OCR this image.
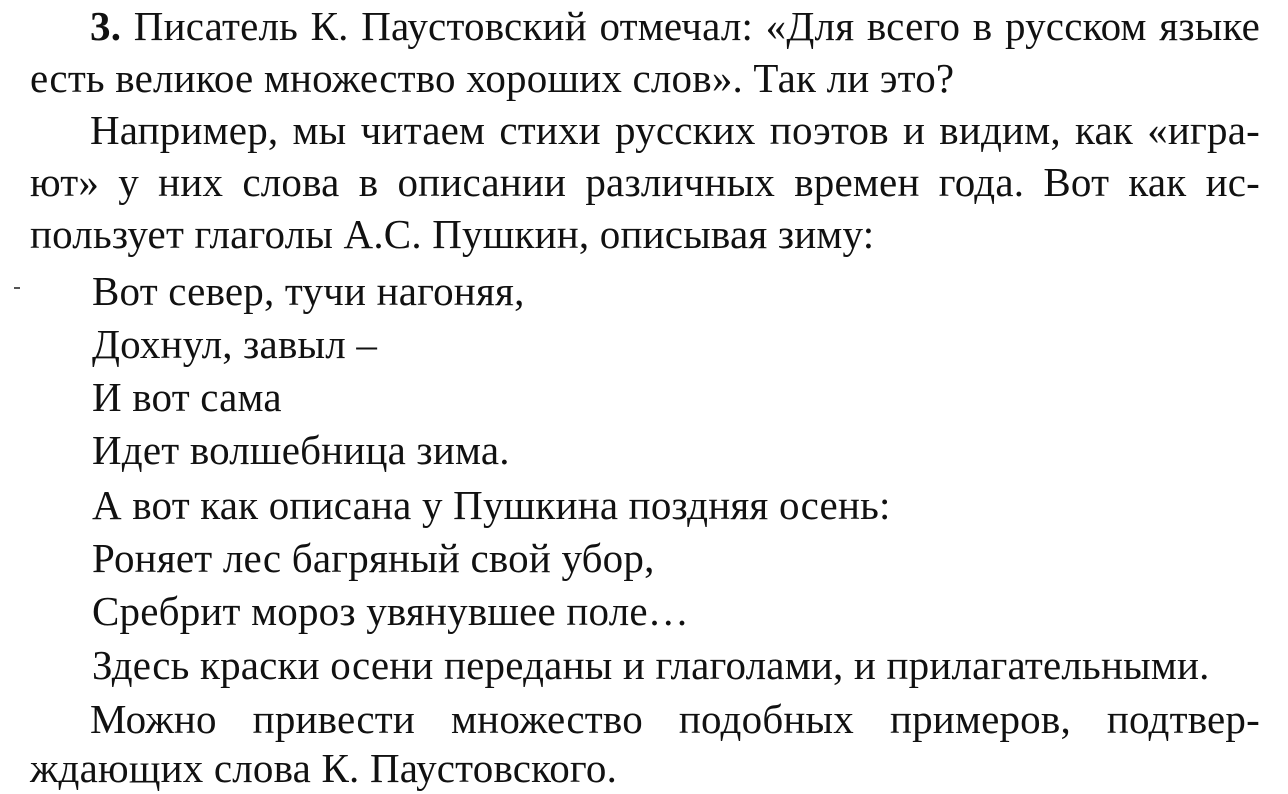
3. Писатель К. Паустовский отмечал: «Для всего в русском языке
есть великое множество хороших слов». Так ли это?
Например, мы читаем стихи русских поэтов и видим, как «игра-
ют» у них слова в описании различных времен года. Вот как ис-
пользует глаголы А.С. Пушкин, описывая зиму:
Вот север, тучи нагоняя,
Дохнул, завыл –
И вот сама
Идет волшебница зима.
А вот как описана у Пушкина поздняя осень:
Роняет лес багряный свой убор,
Сребрит мороз увянувшее поле…
Здесь краски осени переданы и глаголами, и прилагательными.
Можно привести множество подобных примеров, подтвер-
ждающих слова К. Паустовского.
